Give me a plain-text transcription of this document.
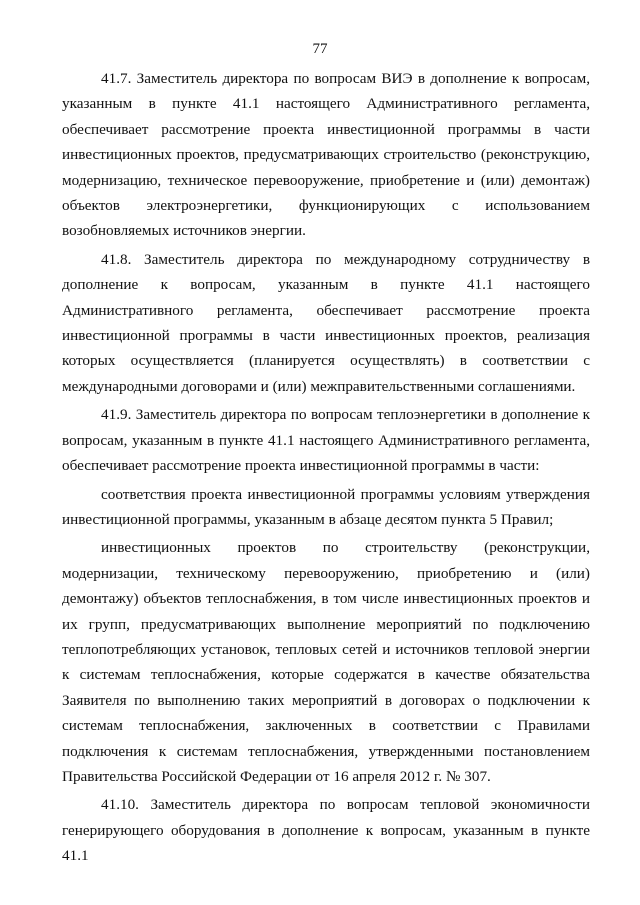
77

41.7. Заместитель директора по вопросам ВИЭ в дополнение к вопросам, указанным в пункте 41.1 настоящего Административного регламента, обеспечивает рассмотрение проекта инвестиционной программы в части инвестиционных проектов, предусматривающих строительство (реконструкцию, модернизацию, техническое перевооружение, приобретение и (или) демонтаж) объектов электроэнергетики, функционирующих с использованием возобновляемых источников энергии.

41.8. Заместитель директора по международному сотрудничеству в дополнение к вопросам, указанным в пункте 41.1 настоящего Административного регламента, обеспечивает рассмотрение проекта инвестиционной программы в части инвестиционных проектов, реализация которых осуществляется (планируется осуществлять) в соответствии с международными договорами и (или) межправительственными соглашениями.

41.9. Заместитель директора по вопросам теплоэнергетики в дополнение к вопросам, указанным в пункте 41.1 настоящего Административного регламента, обеспечивает рассмотрение проекта инвестиционной программы в части:

соответствия проекта инвестиционной программы условиям утверждения инвестиционной программы, указанным в абзаце десятом пункта 5 Правил;

инвестиционных проектов по строительству (реконструкции, модернизации, техническому перевооружению, приобретению и (или) демонтажу) объектов теплоснабжения, в том числе инвестиционных проектов и их групп, предусматривающих выполнение мероприятий по подключению теплопотребляющих установок, тепловых сетей и источников тепловой энергии к системам теплоснабжения, которые содержатся в качестве обязательства Заявителя по выполнению таких мероприятий в договорах о подключении к системам теплоснабжения, заключенных в соответствии с Правилами подключения к системам теплоснабжения, утвержденными постановлением Правительства Российской Федерации от 16 апреля 2012 г. № 307.

41.10. Заместитель директора по вопросам тепловой экономичности генерирующего оборудования в дополнение к вопросам, указанным в пункте 41.1
